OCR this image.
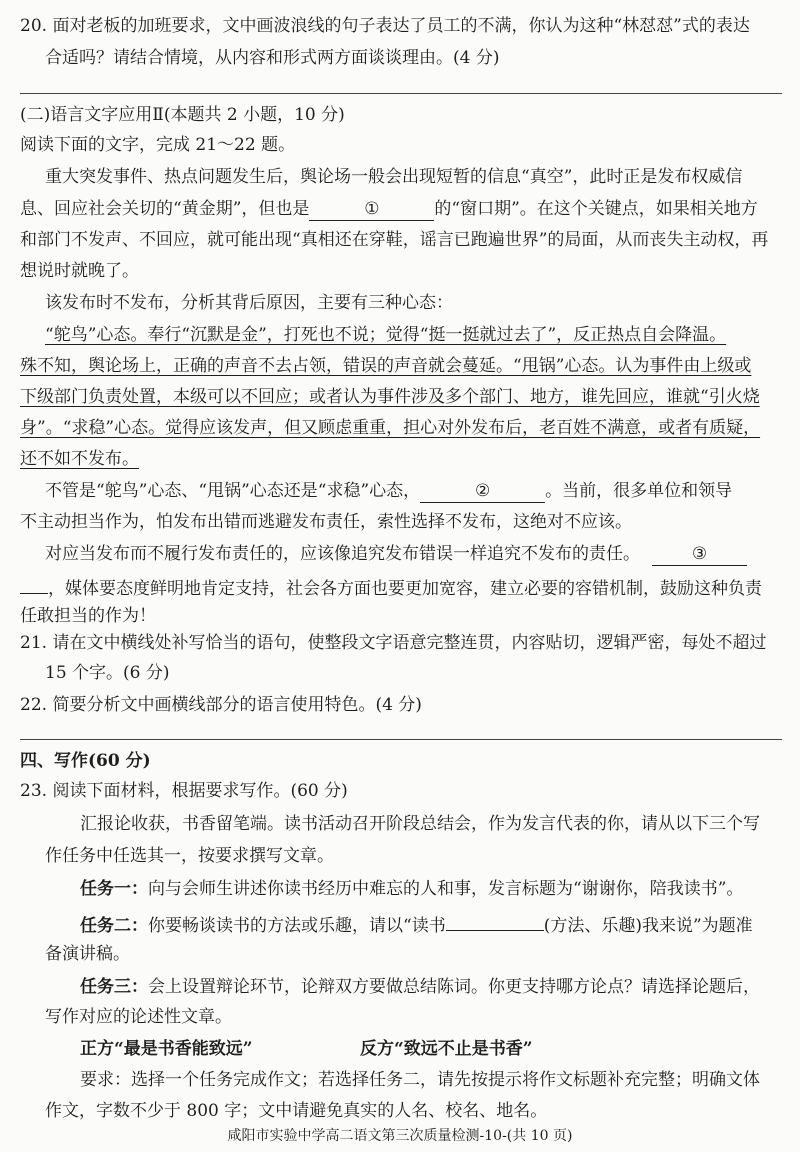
20. 面对老板的加班要求，文中画波浪线的句子表达了员工的不满，你认为这种“林怼怼”式的表达
合适吗？请结合情境，从内容和形式两方面谈谈理由。(4 分)
(二)语言文字应用Ⅱ(本题共 2 小题，10 分)
阅读下面的文字，完成 21～22 题。
重大突发事件、热点问题发生后，舆论场一般会出现短暂的信息“真空”，此时正是发布权威信
息、回应社会关切的“黄金期”，但也是	①	的“窗口期”。在这个关键点，如果相关地方
和部门不发声、不回应，就可能出现“真相还在穿鞋，谣言已跑遍世界”的局面，从而丧失主动权，再
想说时就晚了。
该发布时不发布，分析其背后原因，主要有三种心态：
“鸵鸟”心态。奉行“沉默是金”，打死也不说；觉得“挺一挺就过去了”，反正热点自会降温。
殊不知，舆论场上，正确的声音不去占领，错误的声音就会蔓延。“甩锅”心态。认为事件由上级或
下级部门负责处置，本级可以不回应；或者认为事件涉及多个部门、地方，谁先回应，谁就“引火烧
身”。“求稳”心态。觉得应该发声，但又顾虑重重，担心对外发布后，老百姓不满意，或者有质疑，
还不如不发布。
不管是“鸵鸟”心态、“甩锅”心态还是“求稳”心态，	②	。当前，很多单位和领导
不主动担当作为，怕发布出错而逃避发布责任，索性选择不发布，这绝对不应该。
对应当发布而不履行发布责任的，应该像追究发布错误一样追究不发布的责任。	③
，媒体要态度鲜明地肯定支持，社会各方面也要更加宽容，建立必要的容错机制，鼓励这种负责
任敢担当的作为！
21. 请在文中横线处补写恰当的语句，使整段文字语意完整连贯，内容贴切，逻辑严密，每处不超过
15 个字。(6 分)
22. 简要分析文中画横线部分的语言使用特色。(4 分)
四、写作(60 分)
23. 阅读下面材料，根据要求写作。(60 分)
汇报论收获，书香留笔端。读书活动召开阶段总结会，作为发言代表的你，请从以下三个写
作任务中任选其一，按要求撰写文章。
任务一：向与会师生讲述你读书经历中难忘的人和事，发言标题为“谢谢你，陪我读书”。
任务二：你要畅谈读书的方法或乐趣，请以“读书	(方法、乐趣)我来说”为题准
备演讲稿。
任务三：会上设置辩论环节，论辩双方要做总结陈词。你更支持哪方论点？请选择论题后，
写作对应的论述性文章。
正方“最是书香能致远”	反方“致远不止是书香”
要求：选择一个任务完成作文；若选择任务二，请先按提示将作文标题补充完整；明确文体
作文，字数不少于 800 字；文中请避免真实的人名、校名、地名。
咸阳市实验中学高二语文第三次质量检测-10-(共 10 页)
